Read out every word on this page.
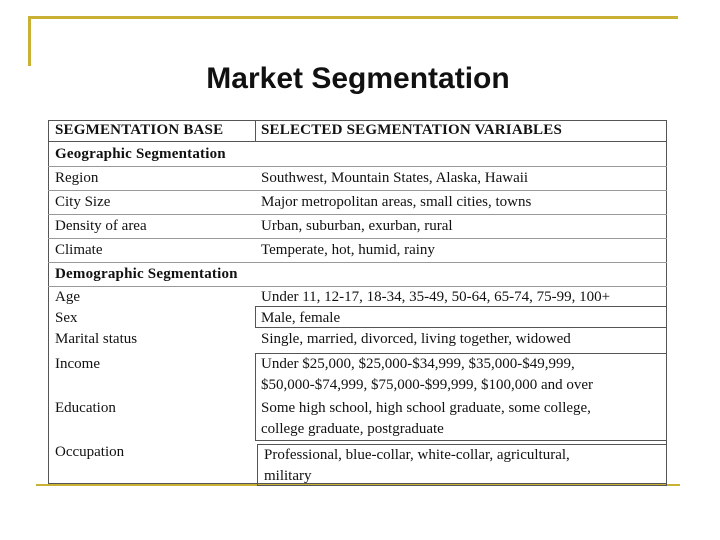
Market Segmentation
SEGMENTATION BASE	SELECTED SEGMENTATION VARIABLES
Geographic Segmentation
Region	Southwest, Mountain States, Alaska, Hawaii
City Size	Major metropolitan areas, small cities, towns
Density of area	Urban, suburban, exurban, rural
Climate	Temperate, hot, humid, rainy
Demographic Segmentation
Age	Under 11, 12-17, 18-34, 35-49, 50-64, 65-74, 75-99, 100+
Sex	Male, female
Marital status	Single, married, divorced, living together, widowed
Income	Under $25,000, $25,000-$34,999, $35,000-$49,999,
$50,000-$74,999, $75,000-$99,999, $100,000 and over
Education	Some high school, high school graduate, some college,
college graduate, postgraduate
Occupation	Professional, blue-collar, white-collar, agricultural,
military
